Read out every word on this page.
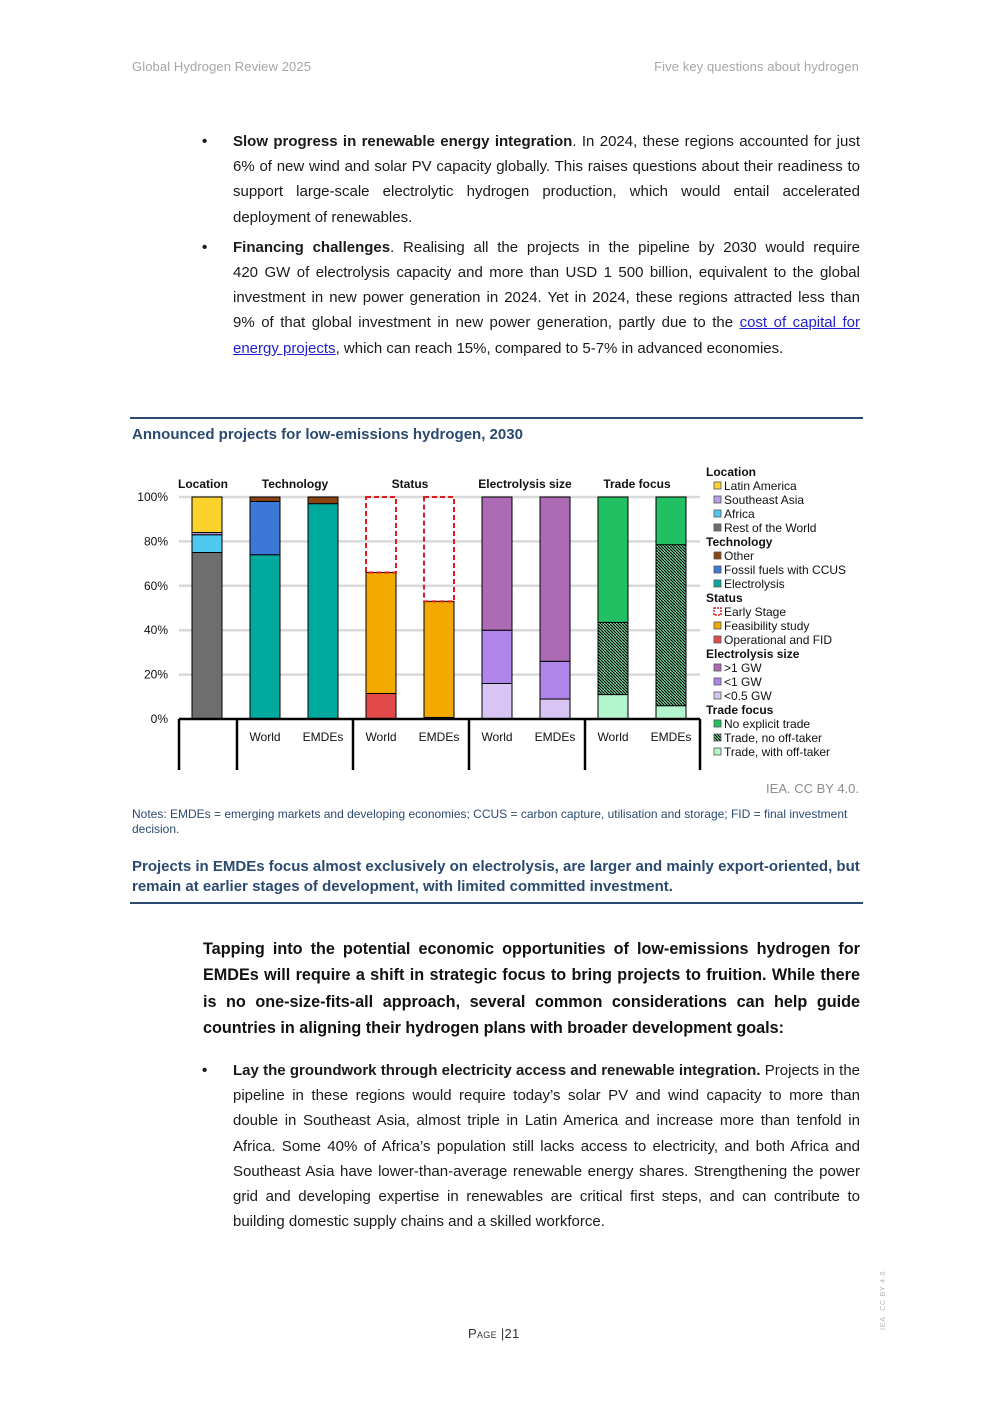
Global Hydrogen Review 2025	Five key questions about hydrogen
• Slow progress in renewable energy integration. In 2024, these regions accounted for just 6% of new wind and solar PV capacity globally. This raises questions about their readiness to support large-scale electrolytic hydrogen production, which would entail accelerated deployment of renewables.
• Financing challenges. Realising all the projects in the pipeline by 2030 would require 420 GW of electrolysis capacity and more than USD 1 500 billion, equivalent to the global investment in new power generation in 2024. Yet in 2024, these regions attracted less than 9% of that global investment in new power generation, partly due to the cost of capital for energy projects, which can reach 15%, compared to 5-7% in advanced economies.
Announced projects for low-emissions hydrogen, 2030
0%
20%
40%
60%
80%
100%
Location	Technology
World EMDEs
Status
World EMDEs
Electrolysis size
World EMDEs
Trade focus
World EMDEs
Location
Latin America
Southeast Asia
Africa
Rest of the World
Technology
Other
Fossil fuels with CCUS
Electrolysis
Status
Early Stage
Feasibility study
Operational and FID
Electrolysis size
>1 GW
<1 GW
<0.5 GW
Trade focus
No explicit trade
Trade, no off-taker
Trade, with off-taker
IEA. CC BY 4.0.
Notes: EMDEs = emerging markets and developing economies; CCUS = carbon capture, utilisation and storage; FID = final investment decision.
Projects in EMDEs focus almost exclusively on electrolysis, are larger and mainly export-oriented, but remain at earlier stages of development, with limited committed investment.
Tapping into the potential economic opportunities of low-emissions hydrogen for EMDEs will require a shift in strategic focus to bring projects to fruition. While there is no one-size-fits-all approach, several common considerations can help guide countries in aligning their hydrogen plans with broader development goals:
• Lay the groundwork through electricity access and renewable integration. Projects in the pipeline in these regions would require today’s solar PV and wind capacity to more than double in Southeast Asia, almost triple in Latin America and increase more than tenfold in Africa. Some 40% of Africa’s population still lacks access to electricity, and both Africa and Southeast Asia have lower-than-average renewable energy shares. Strengthening the power grid and developing expertise in renewables are critical first steps, and can contribute to building domestic supply chains and a skilled workforce.
Page |21
IEA. CC BY 4.0.
